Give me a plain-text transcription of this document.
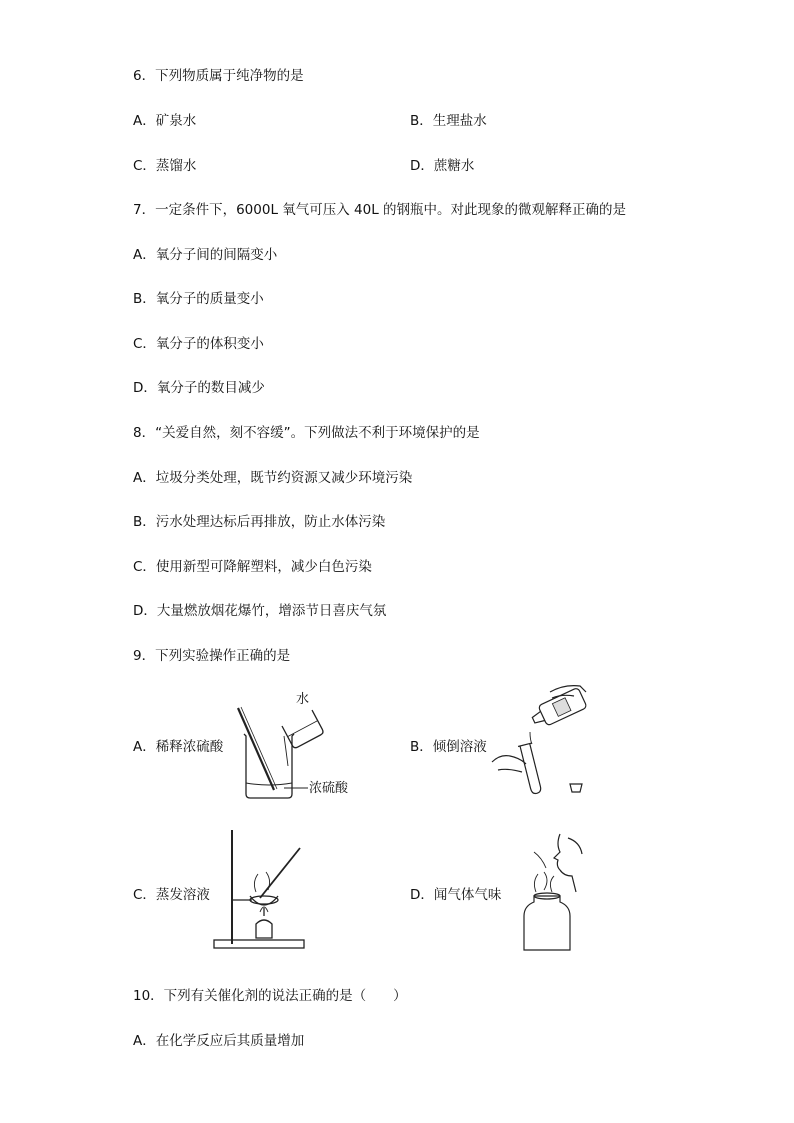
6．下列物质属于纯净物的是
A．矿泉水	B．生理盐水
C．蒸馏水	D．蔗糖水
7．一定条件下，6000L 氧气可压入 40L 的钢瓶中。对此现象的微观解释正确的是
A．氧分子间的间隔变小
B．氧分子的质量变小
C．氧分子的体积变小
D．氧分子的数目减少
8．“关爱自然，刻不容缓”。下列做法不利于环境保护的是
A．垃圾分类处理，既节约资源又减少环境污染
B．污水处理达标后再排放，防止水体污染
C．使用新型可降解塑料，减少白色污染
D．大量燃放烟花爆竹，增添节日喜庆气氛
9．下列实验操作正确的是
A．稀释浓硫酸
水
浓硫酸
B．倾倒溶液
C．蒸发溶液	D．闻气体气味
10．下列有关催化剂的说法正确的是（　　）
A．在化学反应后其质量增加
